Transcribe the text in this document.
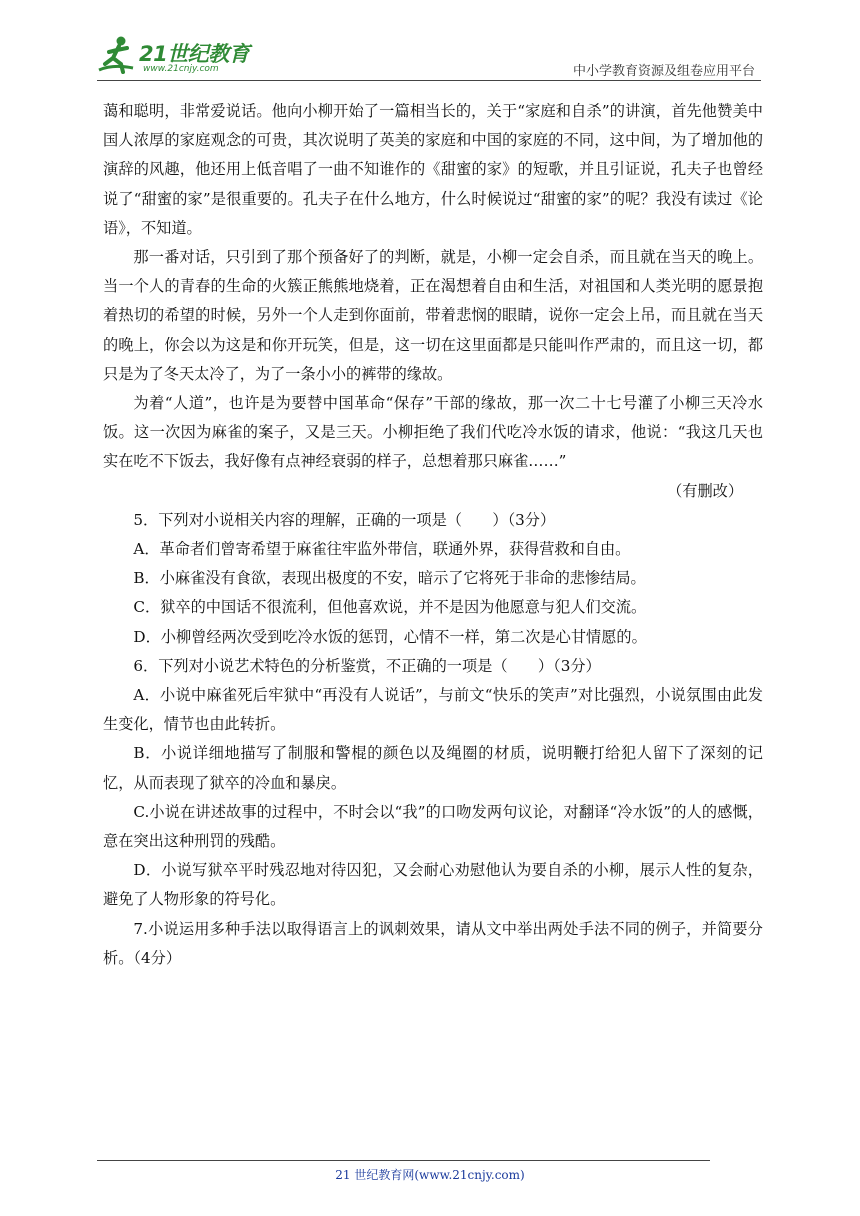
21世纪教育
www.21cnjy.com	中小学教育资源及组卷应用平台

蔼和聪明，非常爱说话。他向小柳开始了一篇相当长的，关于“家庭和自杀”的讲演，首先他赞美中国人浓厚的家庭观念的可贵，其次说明了英美的家庭和中国的家庭的不同，这中间，为了增加他的演辞的风趣，他还用上低音唱了一曲不知谁作的《甜蜜的家》的短歌，并且引证说，孔夫子也曾经说了“甜蜜的家”是很重要的。孔夫子在什么地方，什么时候说过“甜蜜的家”的呢？我没有读过《论语》，不知道。

那一番对话，只引到了那个预备好了的判断，就是，小柳一定会自杀，而且就在当天的晚上。当一个人的青春的生命的火簇正熊熊地烧着，正在渴想着自由和生活，对祖国和人类光明的愿景抱着热切的希望的时候，另外一个人走到你面前，带着悲悯的眼睛，说你一定会上吊，而且就在当天的晚上，你会以为这是和你开玩笑，但是，这一切在这里面都是只能叫作严肃的，而且这一切，都只是为了冬天太冷了，为了一条小小的裤带的缘故。

为着“人道”，也许是为要替中国革命“保存”干部的缘故，那一次二十七号灌了小柳三天冷水饭。这一次因为麻雀的案子，又是三天。小柳拒绝了我们代吃冷水饭的请求，他说：“我这几天也实在吃不下饭去，我好像有点神经衰弱的样子，总想着那只麻雀……”

（有删改）

5．下列对小说相关内容的理解，正确的一项是（　　）（3分）

A．革命者们曾寄希望于麻雀往牢监外带信，联通外界，获得营救和自由。

B．小麻雀没有食欲，表现出极度的不安，暗示了它将死于非命的悲惨结局。

C．狱卒的中国话不很流利，但他喜欢说，并不是因为他愿意与犯人们交流。

D．小柳曾经两次受到吃冷水饭的惩罚，心情不一样，第二次是心甘情愿的。

6．下列对小说艺术特色的分析鉴赏，不正确的一项是（　　）（3分）

A．小说中麻雀死后牢狱中“再没有人说话”，与前文“快乐的笑声”对比强烈，小说氛围由此发生变化，情节也由此转折。

B．小说详细地描写了制服和警棍的颜色以及绳圈的材质，说明鞭打给犯人留下了深刻的记忆，从而表现了狱卒的冷血和暴戾。

C.小说在讲述故事的过程中，不时会以“我”的口吻发两句议论，对翻译“冷水饭”的人的感慨，意在突出这种刑罚的残酷。

D．小说写狱卒平时残忍地对待囚犯，又会耐心劝慰他认为要自杀的小柳，展示人性的复杂，避免了人物形象的符号化。

7.小说运用多种手法以取得语言上的讽刺效果，请从文中举出两处手法不同的例子，并简要分析。（4分）

21 世纪教育网(www.21cnjy.com)
